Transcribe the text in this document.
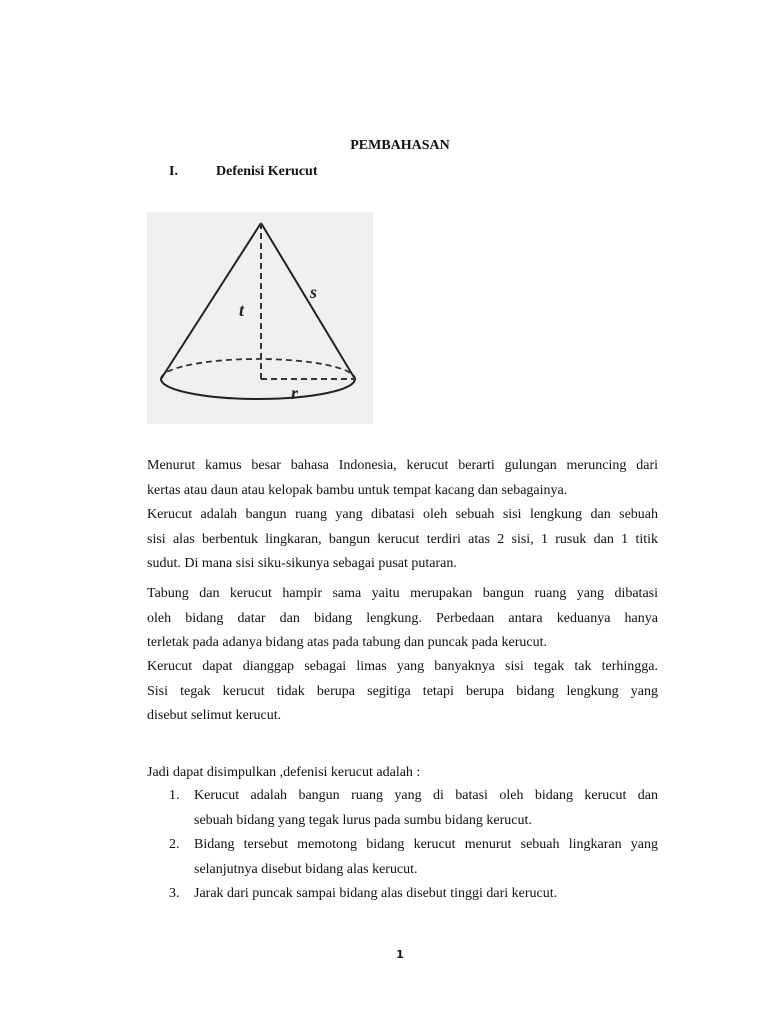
PEMBAHASAN
I.	Defenisi Kerucut
t
s
r
Menurut kamus besar bahasa Indonesia, kerucut berarti gulungan meruncing dari
kertas atau daun atau kelopak bambu untuk tempat kacang dan sebagainya.
Kerucut adalah bangun ruang yang dibatasi oleh sebuah sisi lengkung dan sebuah
sisi alas berbentuk lingkaran, bangun kerucut terdiri atas 2 sisi, 1 rusuk dan 1 titik
sudut. Di mana sisi siku-sikunya sebagai pusat putaran.
Tabung dan kerucut hampir sama yaitu merupakan bangun ruang yang dibatasi
oleh bidang datar dan bidang lengkung. Perbedaan antara keduanya hanya
terletak pada adanya bidang atas pada tabung dan puncak pada kerucut.
Kerucut dapat dianggap sebagai limas yang banyaknya sisi tegak tak terhingga.
Sisi tegak kerucut tidak berupa segitiga tetapi berupa bidang lengkung yang
disebut selimut kerucut.
Jadi dapat disimpulkan ,defenisi kerucut adalah :
1. Kerucut adalah bangun ruang yang di batasi oleh bidang kerucut dan
sebuah bidang yang tegak lurus pada sumbu bidang kerucut.
2. Bidang tersebut memotong bidang kerucut menurut sebuah lingkaran yang
selanjutnya disebut bidang alas kerucut.
3. Jarak dari puncak sampai bidang alas disebut tinggi dari kerucut.
1
